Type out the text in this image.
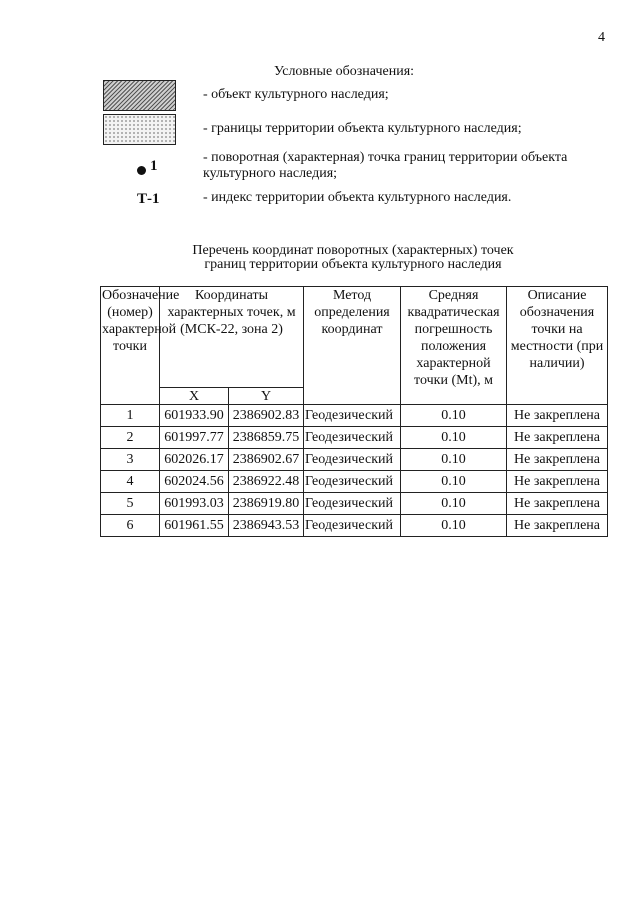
4
Условные обозначения:
- объект культурного наследия;
- границы территории объекта культурного наследия;
1
- поворотная (характерная) точка границ территории объекта культурного наследия;
Т-1	- индекс территории объекта культурного наследия.
Перечень координат поворотных (характерных) точек
границ территории объекта культурного наследия
Обозначение (номер) характерной точки	Координаты характерных точек, м (МСК-22, зона 2)		Метод определения координат	Средняя квадратическая погрешность положения характерной точки (Mt), м	Описание обозначения точки на местности (при наличии)
	X	Y			
1	601933.90	2386902.83	Геодезический	0.10	Не закреплена
2	601997.77	2386859.75	Геодезический	0.10	Не закреплена
3	602026.17	2386902.67	Геодезический	0.10	Не закреплена
4	602024.56	2386922.48	Геодезический	0.10	Не закреплена
5	601993.03	2386919.80	Геодезический	0.10	Не закреплена
6	601961.55	2386943.53	Геодезический	0.10	Не закреплена
